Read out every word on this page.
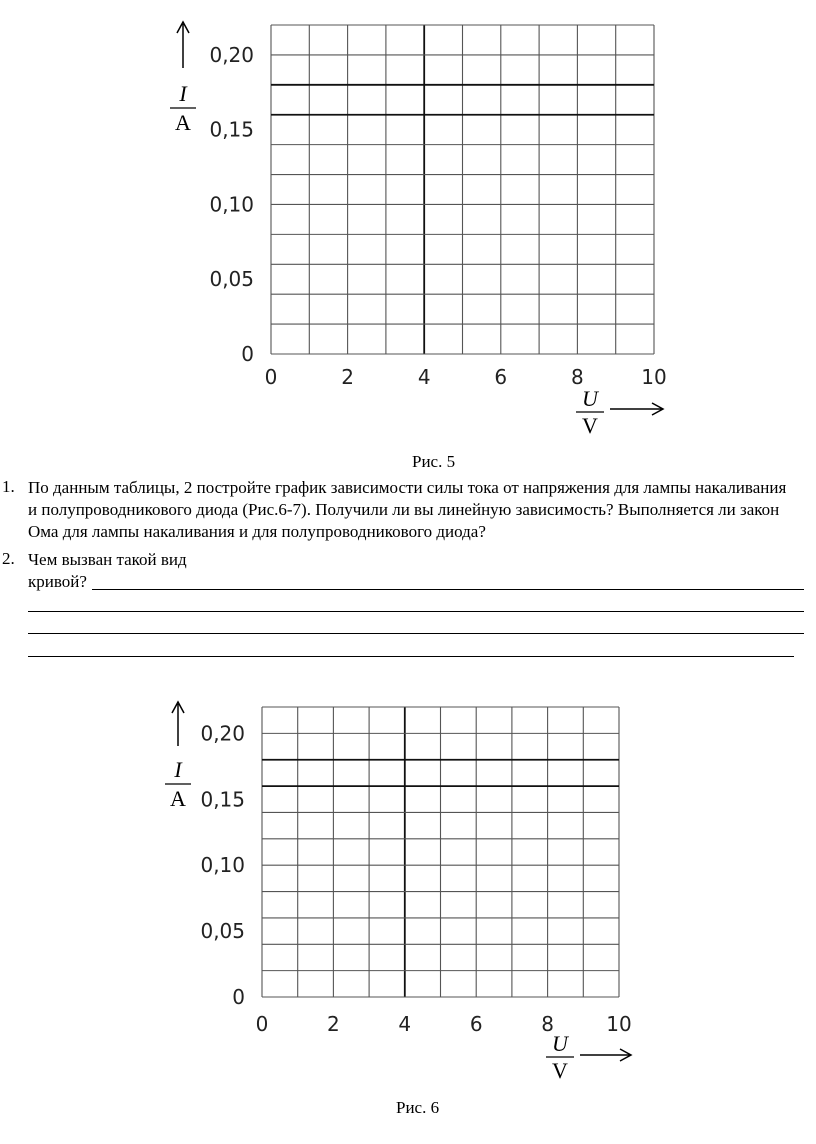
0
0,05
0,10
0,15
0,20
0	2	4	6	8	10
I
A
U
V
Рис. 5
1. По данным таблицы, 2 постройте график зависимости силы тока от напряжения для лампы накаливания и полупроводникового диода (Рис.6-7). Получили ли вы линейную зависимость? Выполняется ли закон Ома для лампы накаливания и для полупроводникового диода?
2. Чем вызван такой вид
кривой?
0
0,05
0,10
0,15
0,20
0	2	4	6	8	10
I
A
U
V
Рис. 6
